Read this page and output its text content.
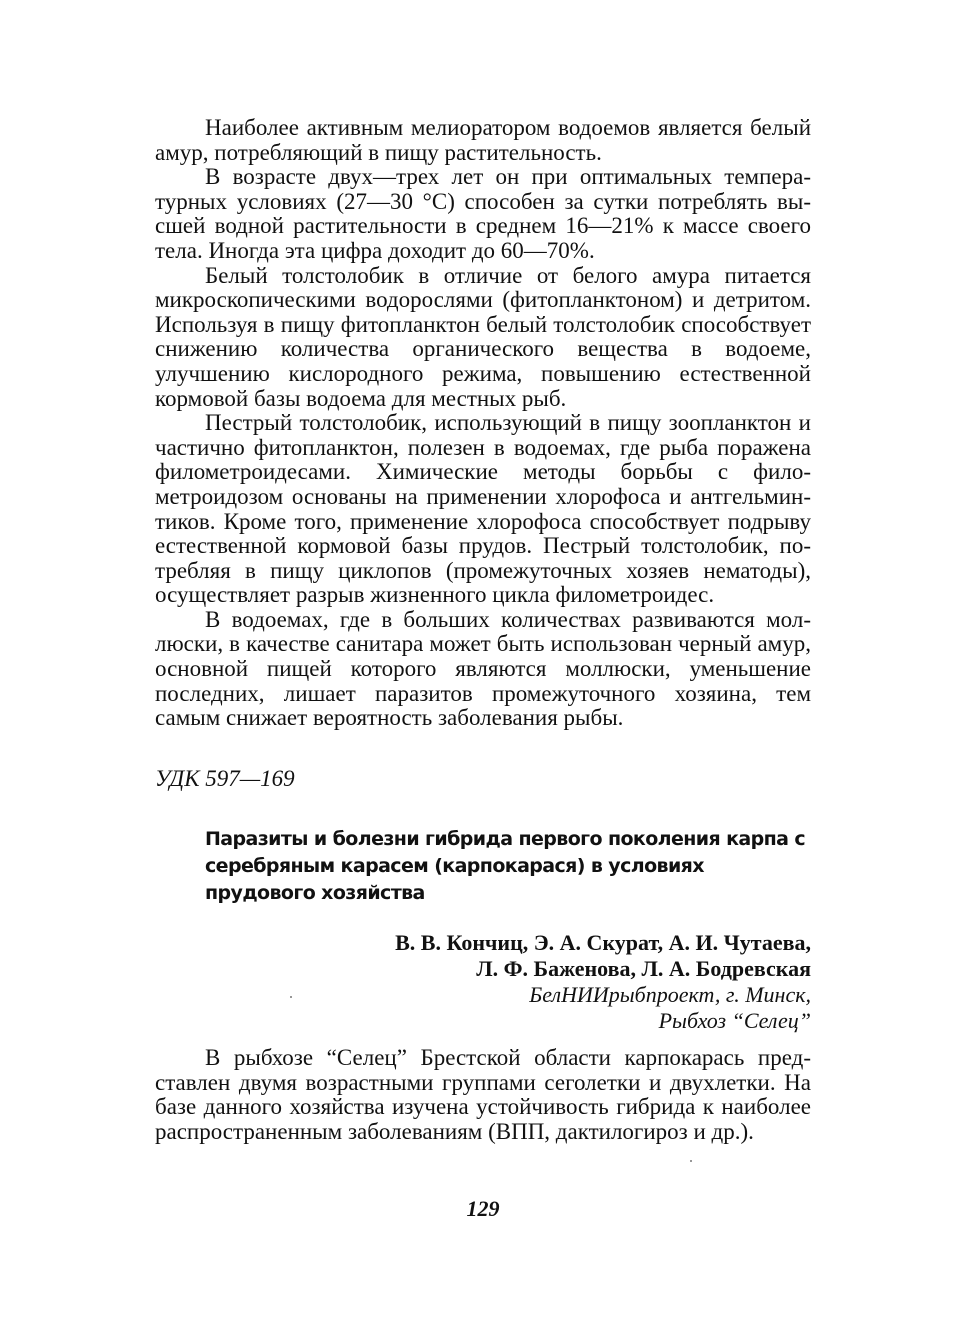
Наиболее активным мелиоратором водоемов является белый амур, потребляющий в пищу растительность.

В возрасте двух—трех лет он при оптимальных температурных условиях (27—30 °С) способен за сутки потреблять высшей водной растительности в среднем 16—21% к массе своего тела. Иногда эта цифра доходит до 60—70%.

Белый толстолобик в отличие от белого амура питается микроскопическими водорослями (фитопланктоном) и детритом. Используя в пищу фитопланктон белый толстолобик способствует снижению количества органического вещества в водоеме, улучшению кислородного режима, повышению естественной кормовой базы водоема для местных рыб.

Пестрый толстолобик, использующий в пищу зоопланктон и частично фитопланктон, полезен в водоемах, где рыба поражена филометроидесами. Химические методы борьбы с филометроидозом основаны на применении хлорофоса и антгельминтиков. Кроме того, применение хлорофоса способствует подрыву естественной кормовой базы прудов. Пестрый толстолобик, потребляя в пищу циклопов (промежуточных хозяев нематоды), осуществляет разрыв жизненного цикла филометроидес.

В водоемах, где в больших количествах развиваются моллюски, в качестве санитара может быть использован черный амур, основной пищей которого являются моллюски, уменьшение последних, лишает паразитов промежуточного хозяина, тем самым снижает вероятность заболевания рыбы.

УДК 597—169

Паразиты и болезни гибрида первого поколения карпа с серебряным карасем (карпокарася) в условиях прудового хозяйства
В. В. Кончиц, Э. А. Скурат, А. И. Чутаева,
Л. Ф. Баженова, Л. А. Бодревская
БелНИИрыбпроект, г. Минск,
Рыбхоз “Селец”

В рыбхозе “Селец” Брестской области карпокарась представлен двумя возрастными группами сеголетки и двухлетки. На базе данного хозяйства изучена устойчивость гибрида к наиболее распространенным заболеваниям (ВПП, дактилогироз и др.).

129
